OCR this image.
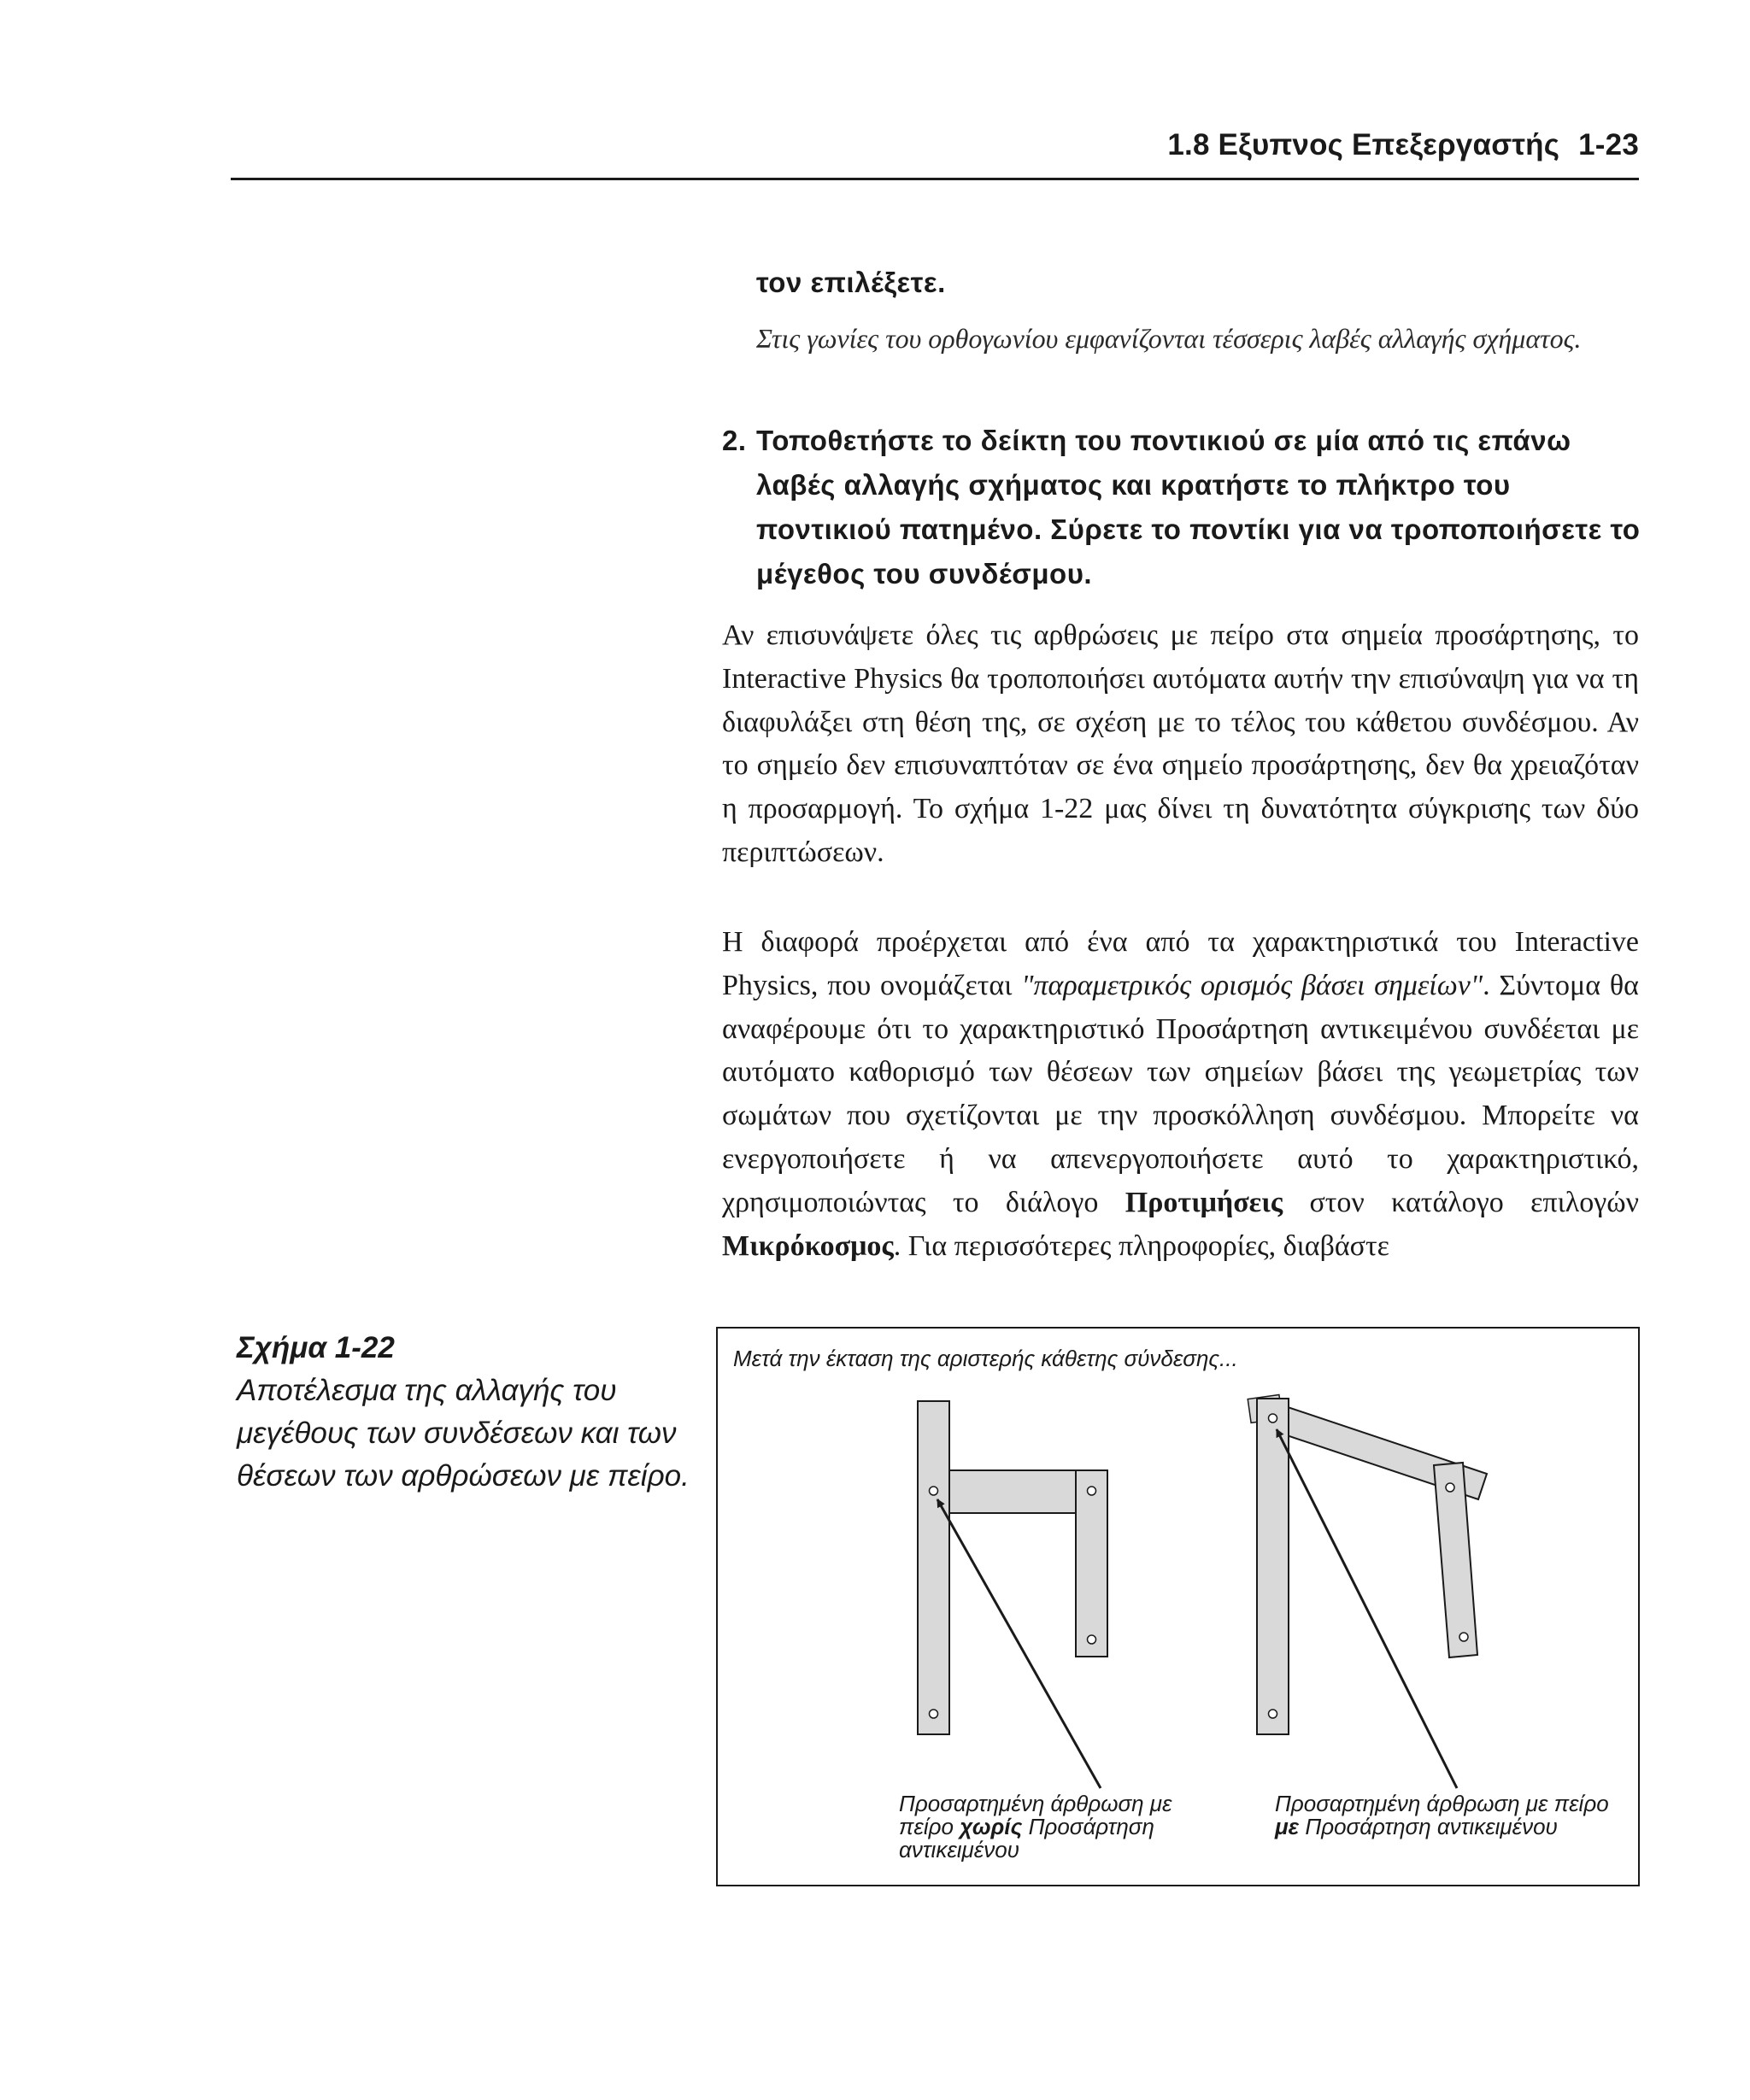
1.8 Εξυπνος Επεξεργαστής 1-23
τον επιλέξετε.
Στις γωνίες του ορθογωνίου εμφανίζονται τέσσερις λαβές αλλαγής σχήματος.
2. Τοποθετήστε το δείκτη του ποντικιού σε μία από τις επάνω λαβές αλλαγής σχήματος και κρατήστε το πλήκτρο του ποντικιού πατημένο. Σύρετε το ποντίκι για να τροποποιήσετε το μέγεθος του συνδέσμου.
Αν επισυνάψετε όλες τις αρθρώσεις με πείρο στα σημεία προσάρτησης, το Interactive Physics θα τροποποιήσει αυτόματα αυτήν την επισύναψη για να τη διαφυλάξει στη θέση της, σε σχέση με το τέλος του κάθετου συνδέσμου. Αν το σημείο δεν επισυναπτόταν σε ένα σημείο προσάρτησης, δεν θα χρειαζόταν η προσαρμογή. Το σχήμα 1-22 μας δίνει τη δυνατότητα σύγκρισης των δύο περιπτώσεων.
Η διαφορά προέρχεται από ένα από τα χαρακτηριστικά του Interactive Physics, που ονομάζεται "παραμετρικός ορισμός βάσει σημείων". Σύντομα θα αναφέρουμε ότι το χαρακτηριστικό Προσάρτηση αντικειμένου συνδέεται με αυτόματο καθορισμό των θέσεων των σημείων βάσει της γεωμετρίας των σωμάτων που σχετίζονται με την προσκόλληση συνδέσμου. Μπορείτε να ενεργοποιήσετε ή να απενεργοποιήσετε αυτό το χαρακτηριστικό, χρησιμοποιώντας το διάλογο Προτιμήσεις στον κατάλογο επιλογών Μικρόκοσμος. Για περισσότερες πληροφορίες, διαβάστε
Σχήμα 1-22
Αποτέλεσμα της αλλαγής του μεγέθους των συνδέσεων και των θέσεων των αρθρώσεων με πείρο.
Μετά την έκταση της αριστερής κάθετης σύνδεσης...
Προσαρτημένη άρθρωση με πείρο χωρίς Προσάρτηση αντικειμένου
Προσαρτημένη άρθρωση με πείρο με Προσάρτηση αντικειμένου
